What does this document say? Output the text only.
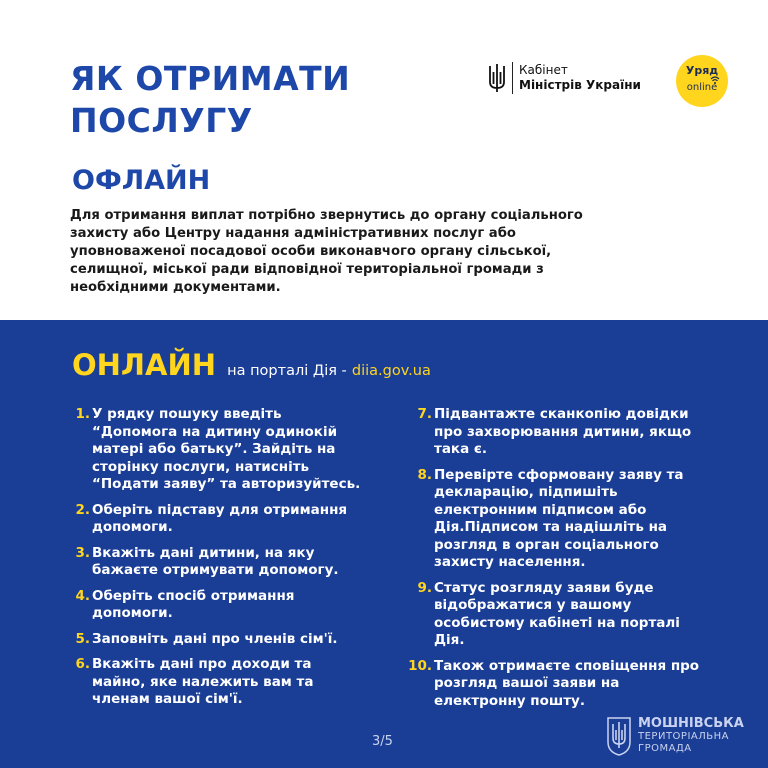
ЯК ОТРИМАТИ
ПОСЛУГУ
Кабінет
Міністрів України
Уряд
online
ОФЛАЙН

Для отримання виплат потрібно звернутись до органу соціального захисту або Центру надання адміністративних послуг або уповноваженої посадової особи виконавчого органу сільської, селищної, міської ради відповідної територіальної громади з необхідними документами.

ОНЛАЙН на порталі Дія - diia.gov.ua
1. У рядку пошуку введіть “Допомога на дитину одинокій матері або батьку”. Зайдіть на сторінку послуги, натисніть “Подати заяву” та авторизуйтесь.
2. Оберіть підставу для отримання допомоги.
3. Вкажіть дані дитини, на яку бажаєте отримувати допомогу.
4. Оберіть спосіб отримання допомоги.
5. Заповніть дані про членів сім'ї.
6. Вкажіть дані про доходи та майно, яке належить вам та членам вашої сім'ї.
7. Підвантажте сканкопію довідки про захворювання дитини, якщо така є.
8. Перевірте сформовану заяву та декларацію, підпишіть електронним підписом або Дія.Підписом та надішліть на розгляд в орган соціального захисту населення.
9. Статус розгляду заяви буде відображатися у вашому особистому кабінеті на порталі Дія.
10. Також отримаєте сповіщення про розгляд вашої заяви на електронну пошту.
3/5
МОШНІВСЬКА
ТЕРИТОРІАЛЬНА
ГРОМАДА
